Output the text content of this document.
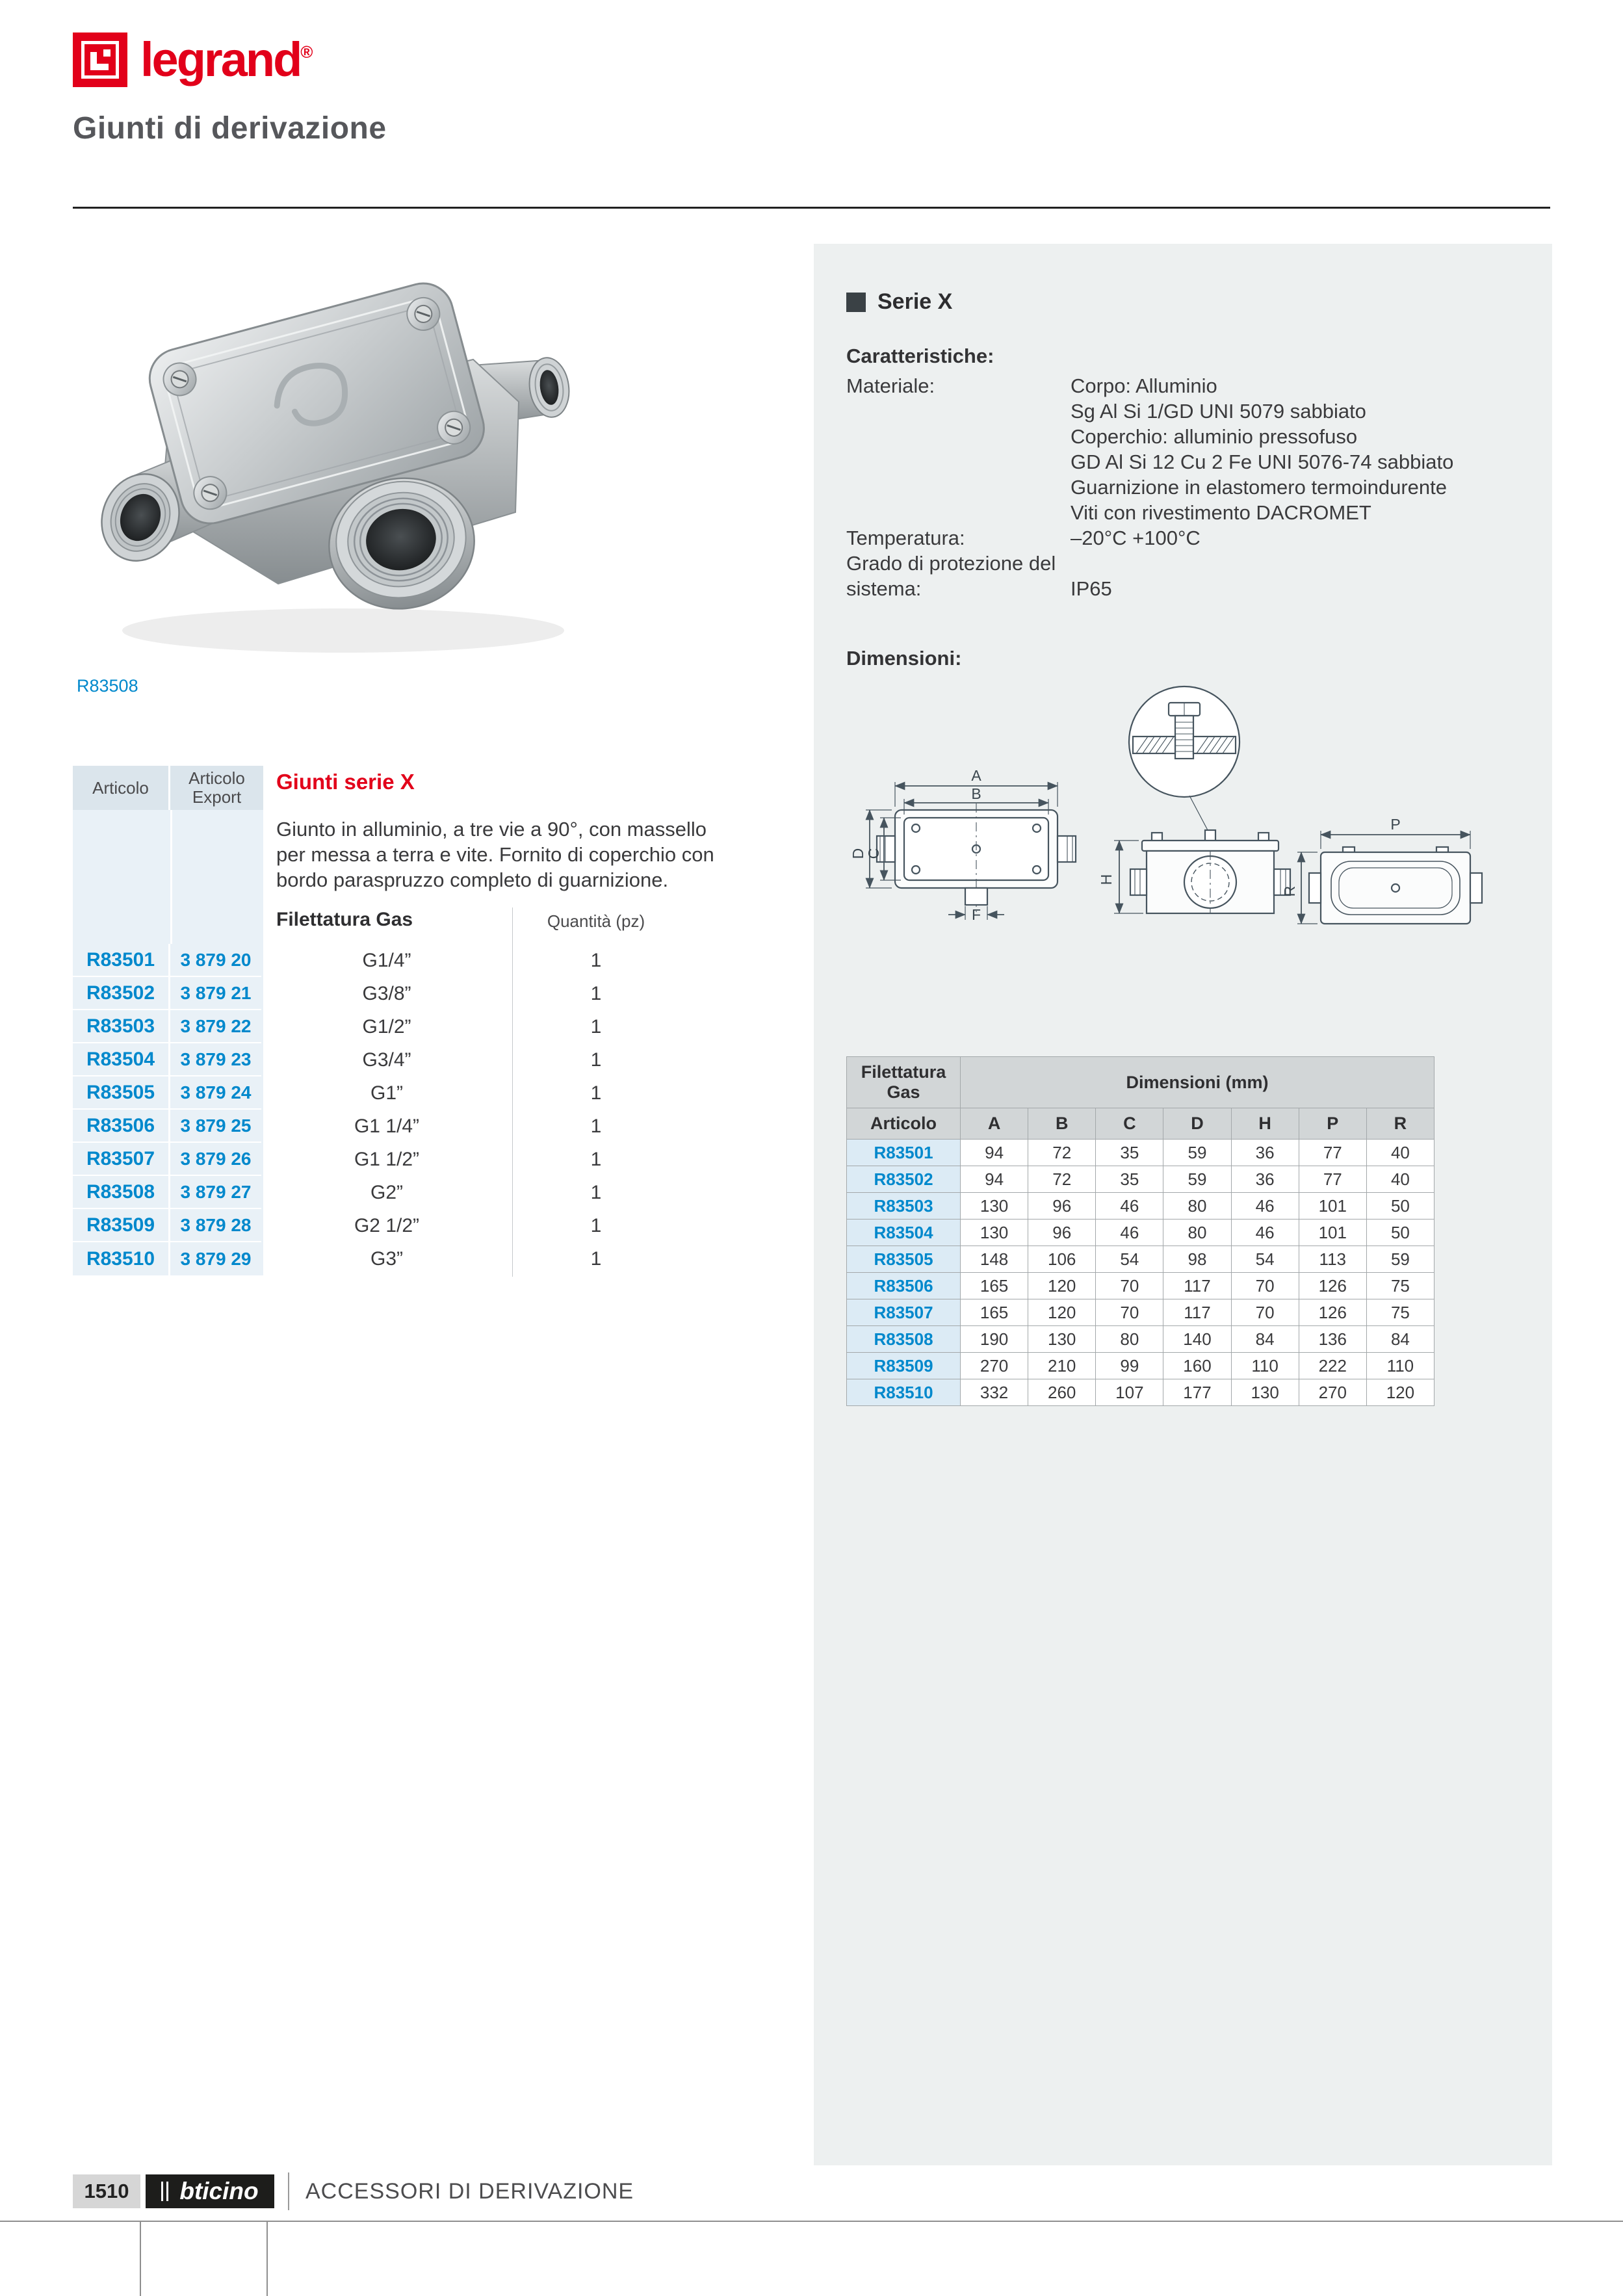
legrand®
Giunti di derivazione
R83508
Articolo	Articolo Export
Giunti serie X
Giunto in alluminio, a tre vie a 90°, con massello per messa a terra e vite. Fornito di coperchio con bordo paraspruzzo completo di guarnizione.
Filettatura Gas	Quantità (pz)
R83501	3 879 20	G1/4”	1
R83502	3 879 21	G3/8”	1
R83503	3 879 22	G1/2”	1
R83504	3 879 23	G3/4”	1
R83505	3 879 24	G1”	1
R83506	3 879 25	G1 1/4”	1
R83507	3 879 26	G1 1/2”	1
R83508	3 879 27	G2”	1
R83509	3 879 28	G2 1/2”	1
R83510	3 879 29	G3”	1
Serie X
Caratteristiche:
Materiale:	Corpo: Alluminio
Sg Al Si 1/GD UNI 5079 sabbiato
Coperchio: alluminio pressofuso
GD Al Si 12 Cu 2 Fe UNI 5076-74 sabbiato
Guarnizione in elastomero termoindurente
Viti con rivestimento DACROMET
Temperatura:	–20°C +100°C
Grado di protezione del sistema:	IP65
Dimensioni:
A
B
D
C
F
H
P
R
Filettatura Gas	Dimensioni (mm)						
Articolo	A	B	C	D	H	P	R
R83501	94	72	35	59	36	77	40
R83502	94	72	35	59	36	77	40
R83503	130	96	46	80	46	101	50
R83504	130	96	46	80	46	101	50
R83505	148	106	54	98	54	113	59
R83506	165	120	70	117	70	126	75
R83507	165	120	70	117	70	126	75
R83508	190	130	80	140	84	136	84
R83509	270	210	99	160	110	222	110
R83510	332	260	107	177	130	270	120
1510	bticino ACCESSORI DI DERIVAZIONE
